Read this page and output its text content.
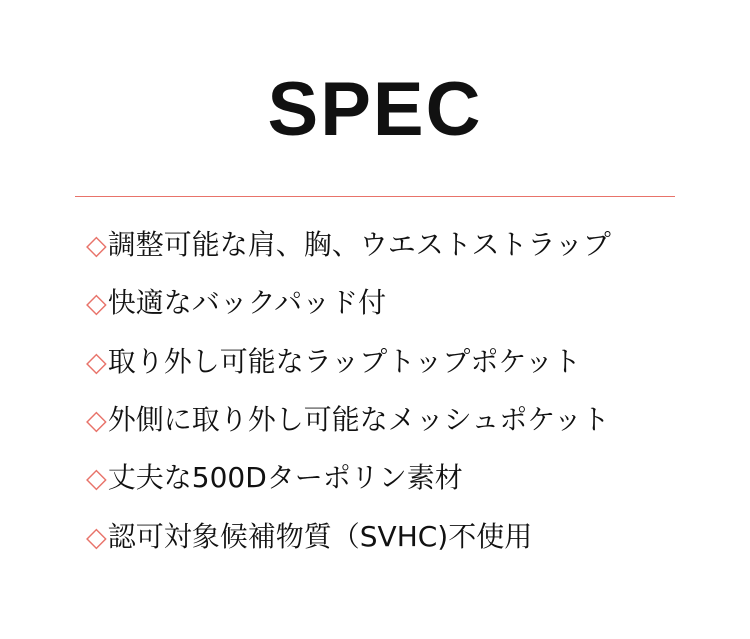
SPEC
◇ 調整可能な肩、胸、ウエストストラップ
◇ 快適なバックパッド付
◇ 取り外し可能なラップトップポケット
◇ 外側に取り外し可能なメッシュポケット
◇ 丈夫な500Dターポリン素材
◇ 認可対象候補物質（SVHC)不使用
